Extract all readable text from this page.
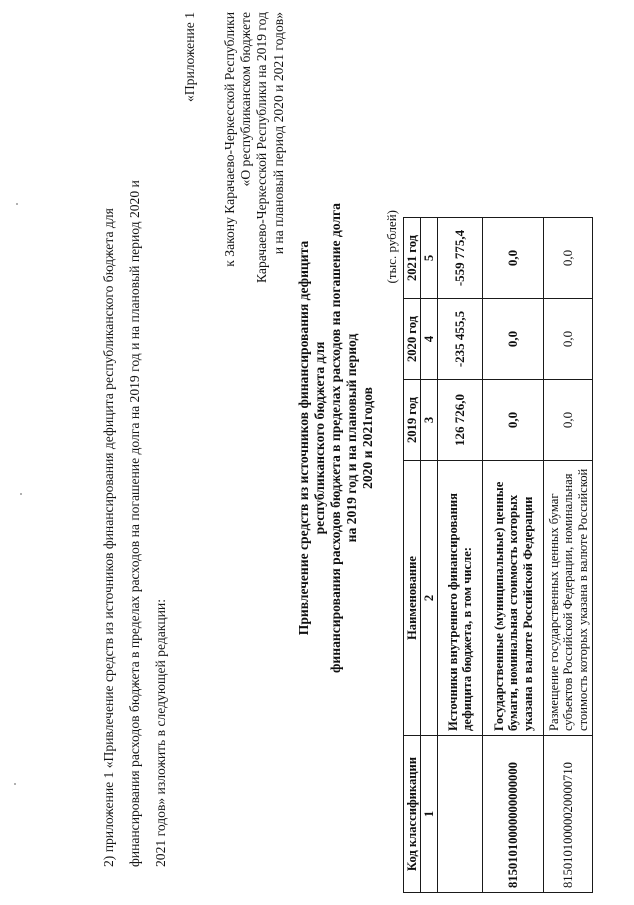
2) приложение 1 «Привлечение средств из источников финансирования дефицита республиканского бюджета для финансирования расходов бюджета в пределах расходов на погашение долга на 2019 год и на плановый период 2020 и 2021 годов» изложить в следующей редакции:
«Приложение 1 к Закону Карачаево-Черкесской Республики «О республиканском бюджете Карачаево-Черкесской Республики на 2019 год и на плановый период 2020 и 2021 годов»
Привлечение средств из источников финансирования дефицита республиканского бюджета для финансирования расходов бюджета в пределах расходов на погашение долга на 2019 год и на плановый период 2020 и 2021годов
(тыс. рублей)
Код классификации	Наименование	2019 год	2020 год	2021 год
1	2	3	4	5
	Источники внутреннего финансирования дефицита бюджета, в том числе:	126 726,0	-235 455,5	-559 775,4
81501010000000000000	Государственные (муниципальные) ценные бумаги, номинальная стоимость которых указана в валюте Российской Федерации	0,0	0,0	0,0
81501010000020000710	Размещение государственных ценных бумаг субъектов Российской Федерации, номинальная стоимость которых указана в валюте Российской	0,0	0,0	0,0
